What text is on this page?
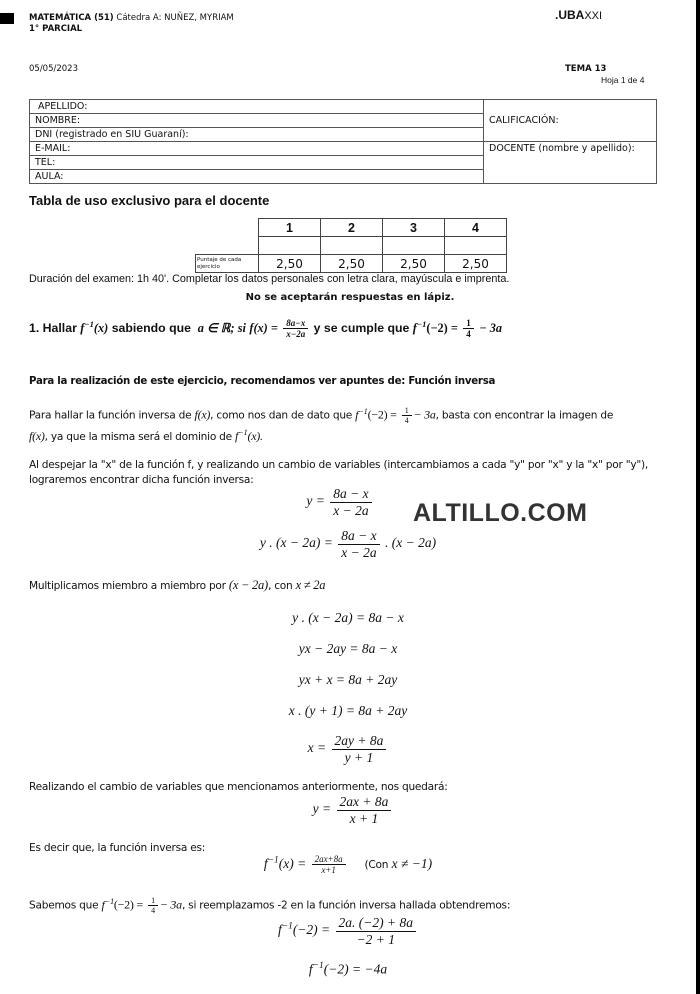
MATEMÁTICA (51) Cátedra A: NUÑEZ, MYRIAM
1° PARCIAL
.UBAXXI
05/05/2023	TEMA 13
Hoja 1 de 4
APELLIDO:	CALIFICACIÓN:
NOMBRE:	
DNI (registrado en SIU Guaraní):	
E-MAIL:	DOCENTE (nombre y apellido):
TEL:	
AULA:	
Tabla de uso exclusivo para el docente
	1	2	3	4

Puntaje de cada ejercicio	2,50	2,50	2,50	2,50
Duración del examen: 1h 40'. Completar los datos personales con letra clara, mayúscula e imprenta.
No se aceptarán respuestas en lápiz.
1. Hallar $f^{-1}(x)$ sabiendo que a ∈ ℝ; si $f(x) = \frac{8a-x}{x-2a}$ y se cumple que $f^{-1}(-2) = \frac{1}{4} - 3a$
Para la realización de este ejercicio, recomendamos ver apuntes de: Función inversa
Para hallar la función inversa de f(x), como nos dan de dato que $f^{-1}(-2) = \frac{1}{4} - 3a$, basta con encontrar la imagen de
f(x), ya que la misma será el dominio de $f^{-1}(x)$.
Al despejar la "x" de la función f, y realizando un cambio de variables (intercambiamos a cada "y" por "x" y la "x" por "y"),
lograremos encontrar dicha función inversa:
$y = \frac{8a - x}{x - 2a}$ ALTILLO.COM
y . $(x - 2a) = \frac{8a - x}{x - 2a}$ . (x − 2a)
Multiplicamos miembro a miembro por (x − 2a), con x ≠ 2a
y . (x − 2a) = 8a − x
yx − 2ay = 8a − x
yx + x = 8a + 2ay
x . (y + 1) = 8a + 2ay
$x = \frac{2ay + 8a}{y + 1}$
Realizando el cambio de variables que mencionamos anteriormente, nos quedará:
$y = \frac{2ax + 8a}{x + 1}$
Es decir que, la función inversa es:
$f^{-1}(x) = \frac{2ax+8a}{x+1} (Con$ x ≠ −1)
Sabemos que $f^{-1}(-2) = \frac{1}{4} - 3a$, si reemplazamos -2 en la función inversa hallada obtendremos:
$f^{-1}(-2) = \frac{2a. (-2) + 8a}{-2 + 1}$
$f^{-1}(-2) = -4a$
